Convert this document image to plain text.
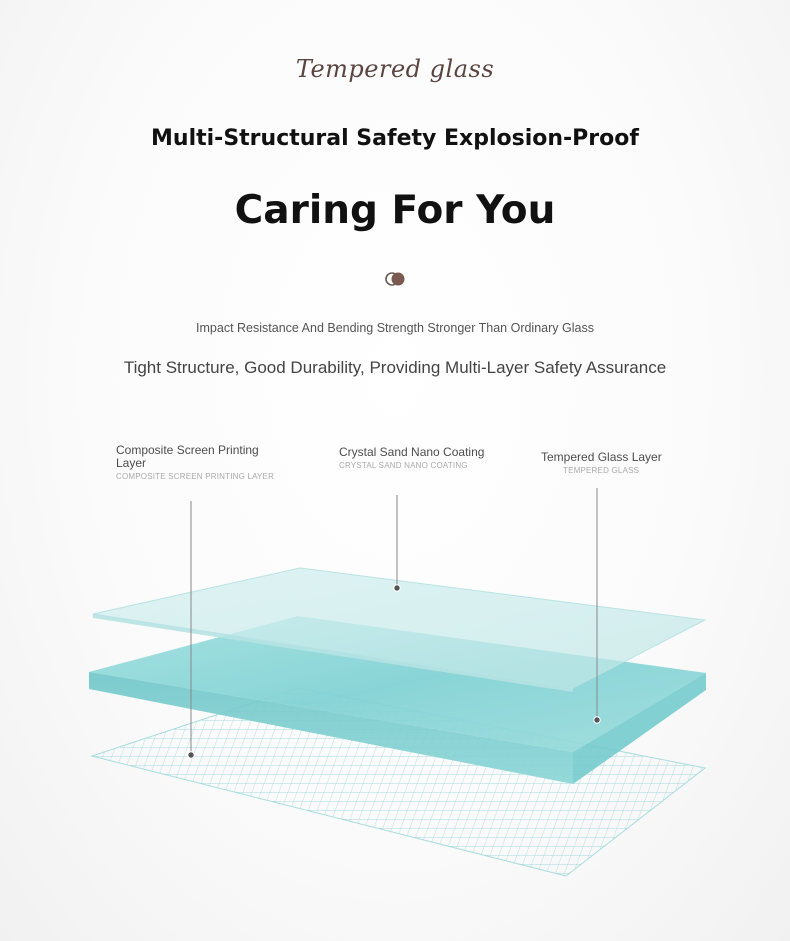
Tempered glass
Multi-Structural Safety Explosion-Proof
Caring For You
Impact Resistance And Bending Strength Stronger Than Ordinary Glass
Tight Structure, Good Durability, Providing Multi-Layer Safety Assurance
Composite Screen Printing Layer
COMPOSITE SCREEN PRINTING LAYER
Crystal Sand Nano Coating
CRYSTAL SAND NANO COATING
Tempered Glass Layer
TEMPERED GLASS
